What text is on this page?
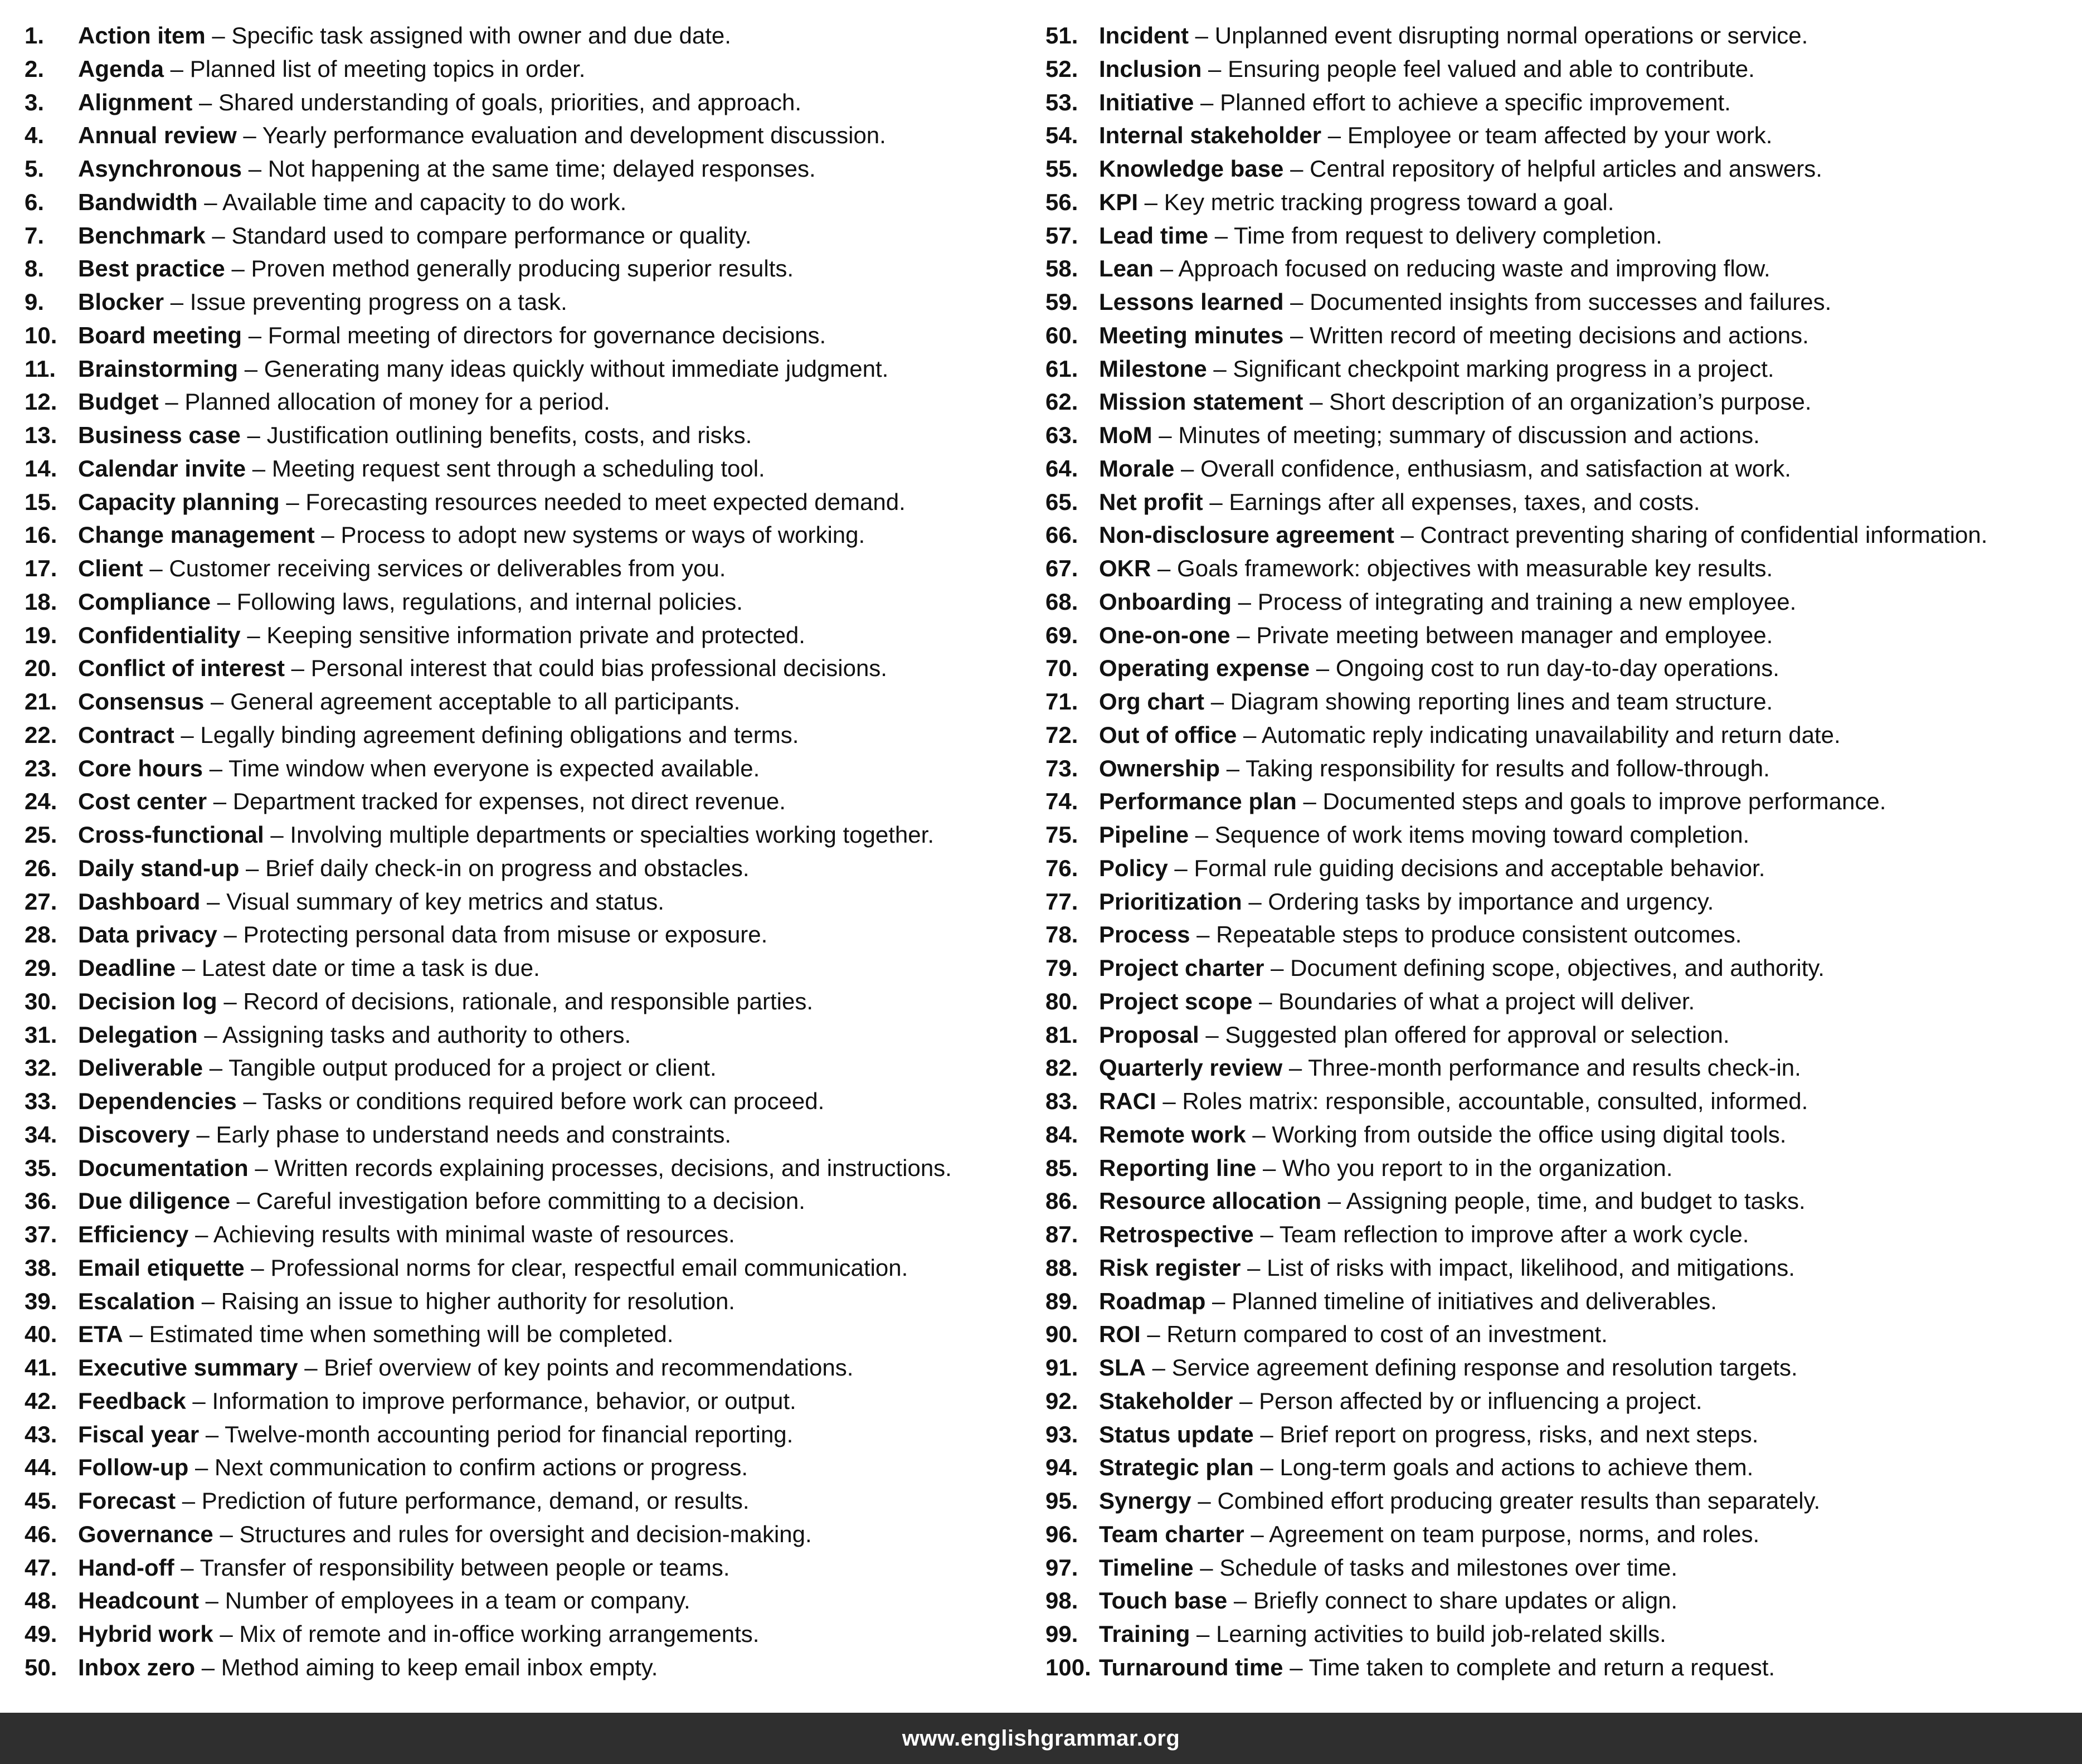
1. Action item – Specific task assigned with owner and due date.
2. Agenda – Planned list of meeting topics in order.
3. Alignment – Shared understanding of goals, priorities, and approach.
4. Annual review – Yearly performance evaluation and development discussion.
5. Asynchronous – Not happening at the same time; delayed responses.
6. Bandwidth – Available time and capacity to do work.
7. Benchmark – Standard used to compare performance or quality.
8. Best practice – Proven method generally producing superior results.
9. Blocker – Issue preventing progress on a task.
10. Board meeting – Formal meeting of directors for governance decisions.
11. Brainstorming – Generating many ideas quickly without immediate judgment.
12. Budget – Planned allocation of money for a period.
13. Business case – Justification outlining benefits, costs, and risks.
14. Calendar invite – Meeting request sent through a scheduling tool.
15. Capacity planning – Forecasting resources needed to meet expected demand.
16. Change management – Process to adopt new systems or ways of working.
17. Client – Customer receiving services or deliverables from you.
18. Compliance – Following laws, regulations, and internal policies.
19. Confidentiality – Keeping sensitive information private and protected.
20. Conflict of interest – Personal interest that could bias professional decisions.
21. Consensus – General agreement acceptable to all participants.
22. Contract – Legally binding agreement defining obligations and terms.
23. Core hours – Time window when everyone is expected available.
24. Cost center – Department tracked for expenses, not direct revenue.
25. Cross-functional – Involving multiple departments or specialties working together.
26. Daily stand-up – Brief daily check-in on progress and obstacles.
27. Dashboard – Visual summary of key metrics and status.
28. Data privacy – Protecting personal data from misuse or exposure.
29. Deadline – Latest date or time a task is due.
30. Decision log – Record of decisions, rationale, and responsible parties.
31. Delegation – Assigning tasks and authority to others.
32. Deliverable – Tangible output produced for a project or client.
33. Dependencies – Tasks or conditions required before work can proceed.
34. Discovery – Early phase to understand needs and constraints.
35. Documentation – Written records explaining processes, decisions, and instructions.
36. Due diligence – Careful investigation before committing to a decision.
37. Efficiency – Achieving results with minimal waste of resources.
38. Email etiquette – Professional norms for clear, respectful email communication.
39. Escalation – Raising an issue to higher authority for resolution.
40. ETA – Estimated time when something will be completed.
41. Executive summary – Brief overview of key points and recommendations.
42. Feedback – Information to improve performance, behavior, or output.
43. Fiscal year – Twelve-month accounting period for financial reporting.
44. Follow-up – Next communication to confirm actions or progress.
45. Forecast – Prediction of future performance, demand, or results.
46. Governance – Structures and rules for oversight and decision-making.
47. Hand-off – Transfer of responsibility between people or teams.
48. Headcount – Number of employees in a team or company.
49. Hybrid work – Mix of remote and in-office working arrangements.
50. Inbox zero – Method aiming to keep email inbox empty.
51. Incident – Unplanned event disrupting normal operations or service.
52. Inclusion – Ensuring people feel valued and able to contribute.
53. Initiative – Planned effort to achieve a specific improvement.
54. Internal stakeholder – Employee or team affected by your work.
55. Knowledge base – Central repository of helpful articles and answers.
56. KPI – Key metric tracking progress toward a goal.
57. Lead time – Time from request to delivery completion.
58. Lean – Approach focused on reducing waste and improving flow.
59. Lessons learned – Documented insights from successes and failures.
60. Meeting minutes – Written record of meeting decisions and actions.
61. Milestone – Significant checkpoint marking progress in a project.
62. Mission statement – Short description of an organization’s purpose.
63. MoM – Minutes of meeting; summary of discussion and actions.
64. Morale – Overall confidence, enthusiasm, and satisfaction at work.
65. Net profit – Earnings after all expenses, taxes, and costs.
66. Non-disclosure agreement – Contract preventing sharing of confidential information.
67. OKR – Goals framework: objectives with measurable key results.
68. Onboarding – Process of integrating and training a new employee.
69. One-on-one – Private meeting between manager and employee.
70. Operating expense – Ongoing cost to run day-to-day operations.
71. Org chart – Diagram showing reporting lines and team structure.
72. Out of office – Automatic reply indicating unavailability and return date.
73. Ownership – Taking responsibility for results and follow-through.
74. Performance plan – Documented steps and goals to improve performance.
75. Pipeline – Sequence of work items moving toward completion.
76. Policy – Formal rule guiding decisions and acceptable behavior.
77. Prioritization – Ordering tasks by importance and urgency.
78. Process – Repeatable steps to produce consistent outcomes.
79. Project charter – Document defining scope, objectives, and authority.
80. Project scope – Boundaries of what a project will deliver.
81. Proposal – Suggested plan offered for approval or selection.
82. Quarterly review – Three-month performance and results check-in.
83. RACI – Roles matrix: responsible, accountable, consulted, informed.
84. Remote work – Working from outside the office using digital tools.
85. Reporting line – Who you report to in the organization.
86. Resource allocation – Assigning people, time, and budget to tasks.
87. Retrospective – Team reflection to improve after a work cycle.
88. Risk register – List of risks with impact, likelihood, and mitigations.
89. Roadmap – Planned timeline of initiatives and deliverables.
90. ROI – Return compared to cost of an investment.
91. SLA – Service agreement defining response and resolution targets.
92. Stakeholder – Person affected by or influencing a project.
93. Status update – Brief report on progress, risks, and next steps.
94. Strategic plan – Long-term goals and actions to achieve them.
95. Synergy – Combined effort producing greater results than separately.
96. Team charter – Agreement on team purpose, norms, and roles.
97. Timeline – Schedule of tasks and milestones over time.
98. Touch base – Briefly connect to share updates or align.
99. Training – Learning activities to build job-related skills.
100. Turnaround time – Time taken to complete and return a request.
www.englishgrammar.org
